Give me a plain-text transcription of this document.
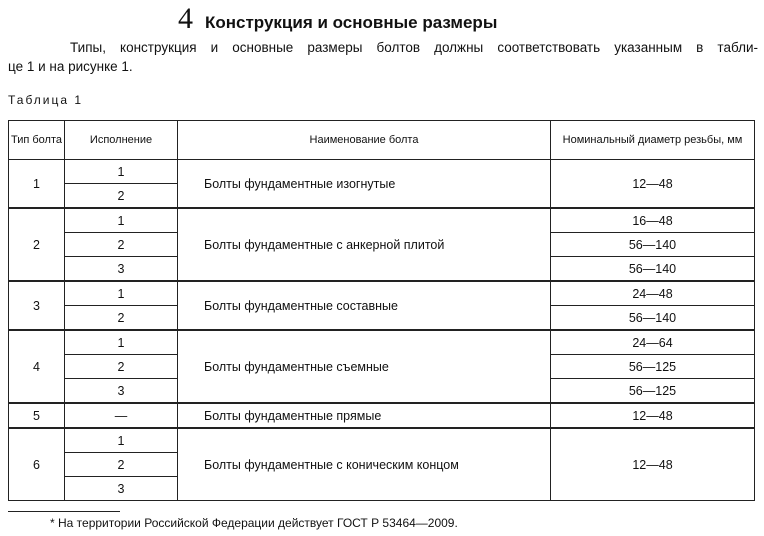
4 Конструкция и основные размеры
Типы, конструкция и основные размеры болтов должны соответствовать указанным в табли-
це 1 и на рисунке 1.
Таблица 1
Тип болта	Исполнение	Наименование болта	Номинальный диаметр резьбы, мм
1	1	Болты фундаментные изогнутые	12—48
	2		
2	1	Болты фундаментные с анкерной плитой	16—48
	2		56—140
	3		56—140
3	1	Болты фундаментные составные	24—48
	2		56—140
4	1	Болты фундаментные съемные	24—64
	2		56—125
	3		56—125
5	—	Болты фундаментные прямые	12—48
6	1	Болты фундаментные с коническим концом	12—48
	2		
	3		
* На территории Российской Федерации действует ГОСТ Р 53464—2009.
